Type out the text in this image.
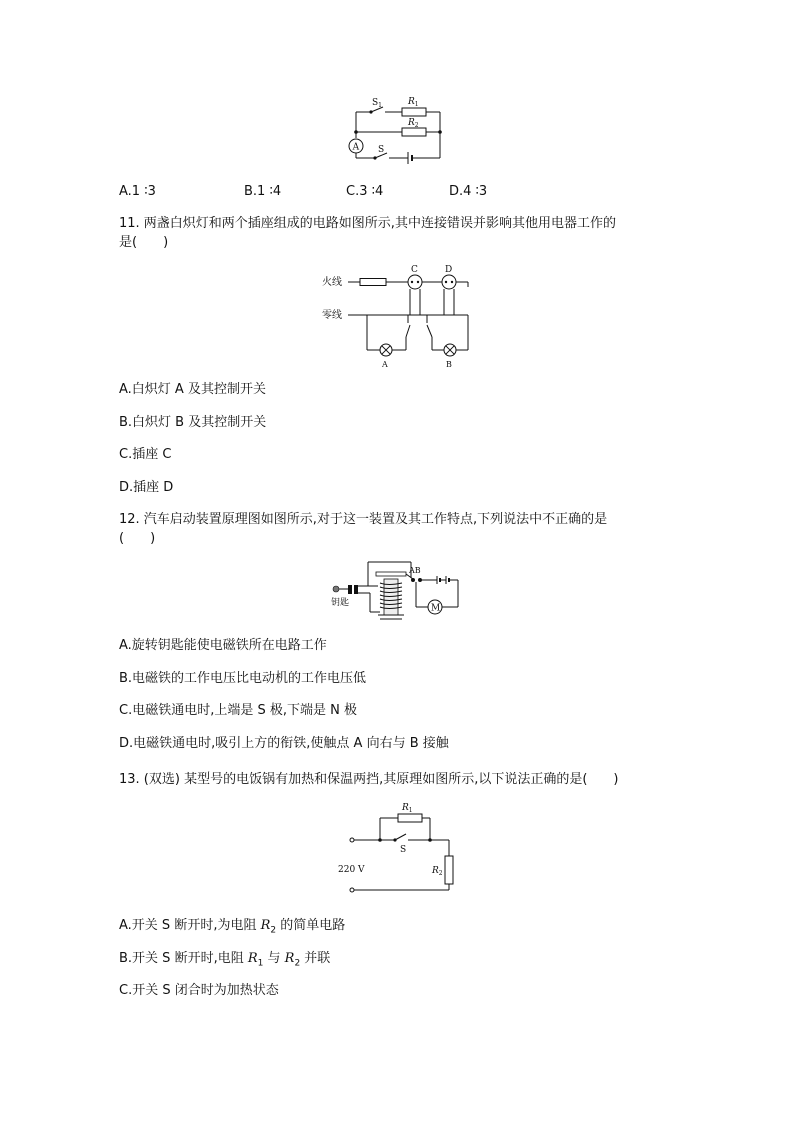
$S_1$	$R_1$
$R_2$
A S
A.1 ∶3	B.1 ∶4	C.3 ∶4	D.4 ∶3
11. 两盏白炽灯和两个插座组成的电路如图所示,其中连接错误并影响其他用电器工作的
是(　　)
火线
零线
C	D
A	B
A.白炽灯 A 及其控制开关
B.白炽灯 B 及其控制开关
C.插座 C
D.插座 D
12. 汽车启动装置原理图如图所示,对于这一装置及其工作特点,下列说法中不正确的是
(　　)
钥匙
AB
M
A.旋转钥匙能使电磁铁所在电路工作
B.电磁铁的工作电压比电动机的工作电压低
C.电磁铁通电时,上端是 S 极,下端是 N 极
D.电磁铁通电时,吸引上方的衔铁,使触点 A 向右与 B 接触
13. (双选) 某型号的电饭锅有加热和保温两挡,其原理如图所示,以下说法正确的是(　　)
$R_1$
S
220 V	$R_2$
A.开关 S 断开时,为电阻 $R_2$ 的简单电路
B.开关 S 断开时,电阻 $R_1$ 与 $R_2$ 并联
C.开关 S 闭合时为加热状态
